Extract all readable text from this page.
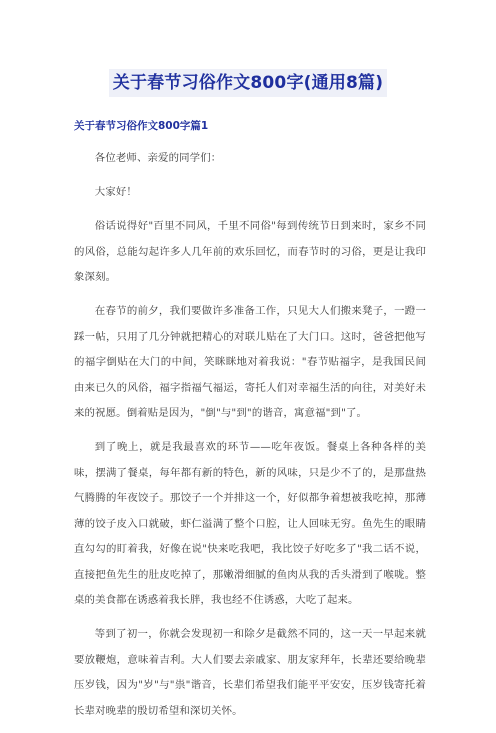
关于春节习俗作文800字(通用8篇)
关于春节习俗作文800字篇1

各位老师、亲爱的同学们：

大家好！

俗话说得好"百里不同风，千里不同俗"每到传统节日到来时，家乡不同的风俗，总能勾起许多人几年前的欢乐回忆，而春节时的习俗，更是让我印象深刻。

在春节的前夕，我们要做许多准备工作，只见大人们搬来凳子，一蹬一踩一帖，只用了几分钟就把精心的对联儿贴在了大门口。这时，爸爸把他写的福字倒贴在大门的中间，笑眯眯地对着我说："春节贴福字，是我国民间由来已久的风俗，福字指福气福运，寄托人们对幸福生活的向往，对美好未来的祝愿。倒着贴是因为，"倒"与"到"的谐音，寓意福"到"了。

到了晚上，就是我最喜欢的环节——吃年夜饭。餐桌上各种各样的美味，摆满了餐桌，每年都有新的特色，新的风味，只是少不了的，是那盘热气腾腾的年夜饺子。那饺子一个并排这一个，好似都争着想被我吃掉，那薄薄的饺子皮入口就破，虾仁溢满了整个口腔，让人回味无穷。鱼先生的眼睛直勾勾的盯着我，好像在说"快来吃我吧，我比饺子好吃多了"我二话不说，直接把鱼先生的肚皮吃掉了，那嫩滑细腻的鱼肉从我的舌头滑到了喉咙。整桌的美食都在诱惑着我长胖，我也经不住诱惑，大吃了起来。

等到了初一，你就会发现初一和除夕是截然不同的，这一天一早起来就要放鞭炮，意味着吉利。大人们要去亲戚家、朋友家拜年，长辈还要给晚辈压岁钱，因为"岁"与"祟"谐音，长辈们希望我们能平平安安，压岁钱寄托着长辈对晚辈的殷切希望和深切关怀。
